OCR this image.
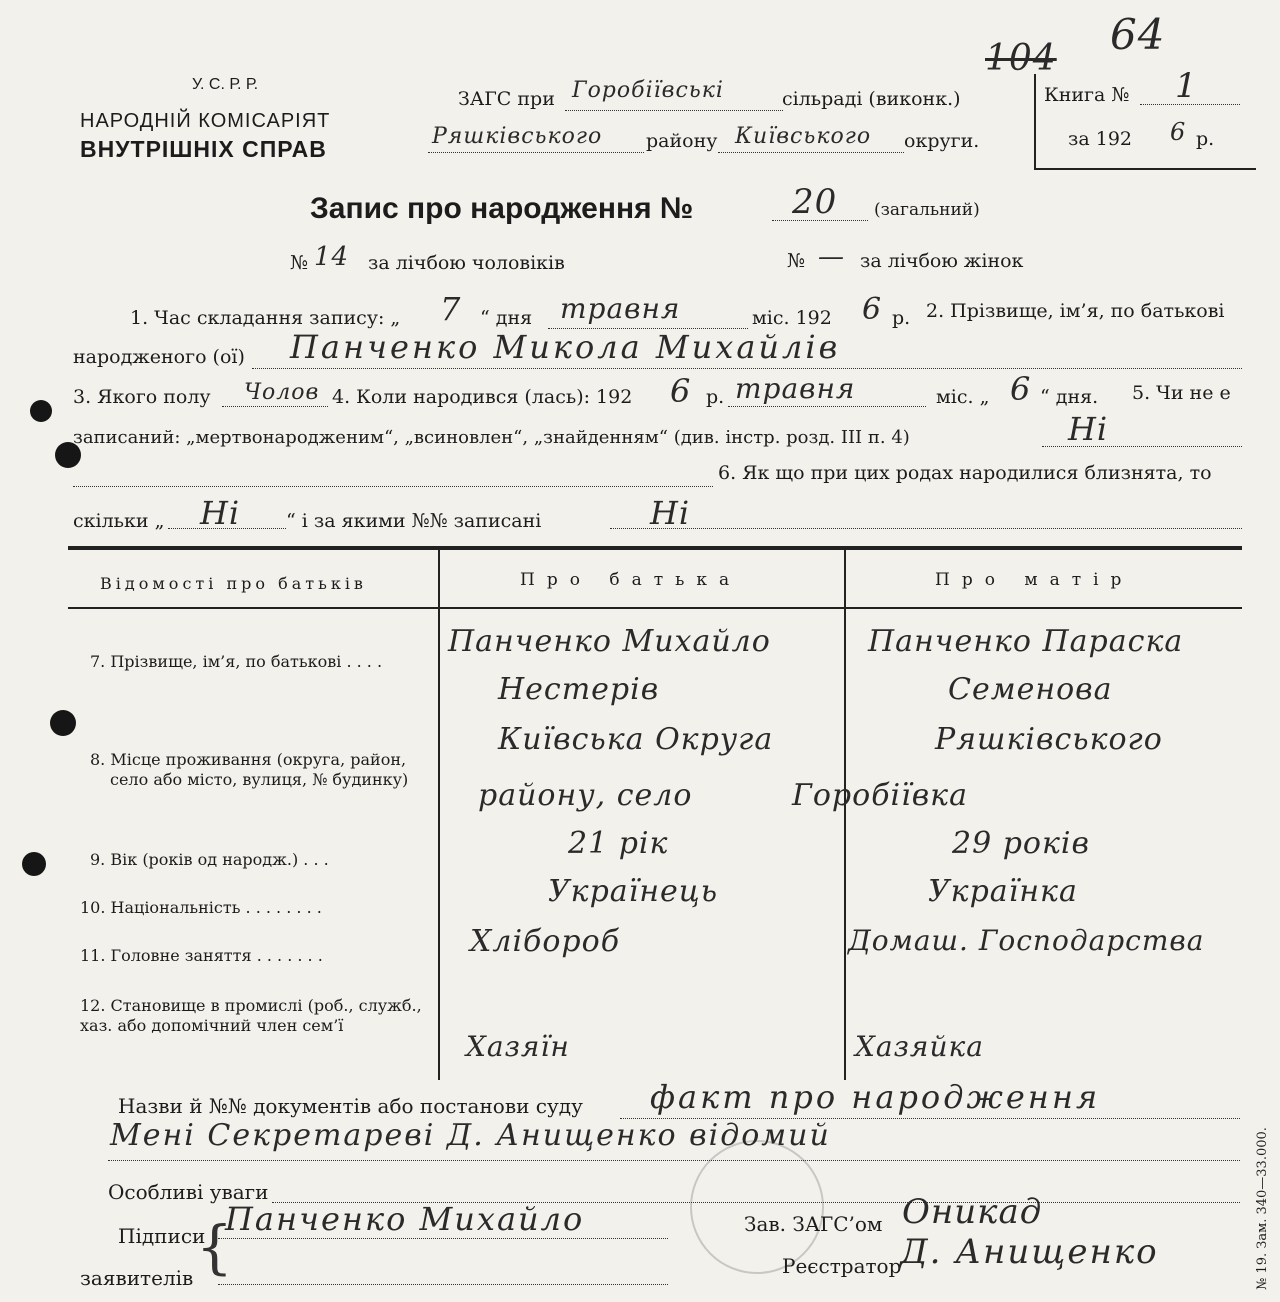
У. С. Р. Р.
НАРОДНІЙ КОМІСАРІЯТ
ВНУТРІШНІХ СПРАВ
ЗАГС при Горобіївські	сільраді (виконк.)
Ряшківського району Київського округи.
104 64
Книга № 1
за 192 6 р.
Запис про народження №	20 (загальний)
№ 14 за лічбою чоловіків	№ — за лічбою жінок
1. Час складання запису: „ 7 “ дня травня	міс. 192 6 р. 2. Прізвище, ім’я, по батькові
народженого (ої) Панченко Микола Михайлів
3. Якого полу Чолов 4. Коли народився (лась): 192 6 р. травня	міс. „ 6 “ дня. 5. Чи не е
записаний: „мертвонародженим“, „всиновлен“, „знайденням“ (див. інстр. розд. III п. 4)	Ні
6. Як що при цих родах народилися близнята, то
скільки „ Ні “ і за якими №№ записані	Ні
Відомості про батьків	Про батька	Про матір
7. Прізвище, ім’я, по батькові . . . .
Панченко Михайло	Панченко Параска
Нестерів	Семенова
8. Місце проживання (округа, район,
село або місто, вулиця, № будинку)
Київська Округа	Ряшківського
району, село	Горобіївка
9. Вік (років од народж.) . . .	21 рік	29 років
10. Національність . . . . . . . .	Українець	Українка
11. Головне заняття . . . . . . .	Хлібороб	Домаш. Господарства
12. Становище в промислі (роб., служб.,
хаз. або допомічний член сем’ї
Хазяїн	Хазяйка
Назви й №№ документів або постанови суду факт про народження
Мені Секретареві Д. Анищенко відомий
Особливі уваги
Підписи
заявителів {
Панченко Михайло	Зав. ЗАГС’ом Оникад
Реєстратор
Д. Анищенко	№ 19. Зам. 340—33.000.
